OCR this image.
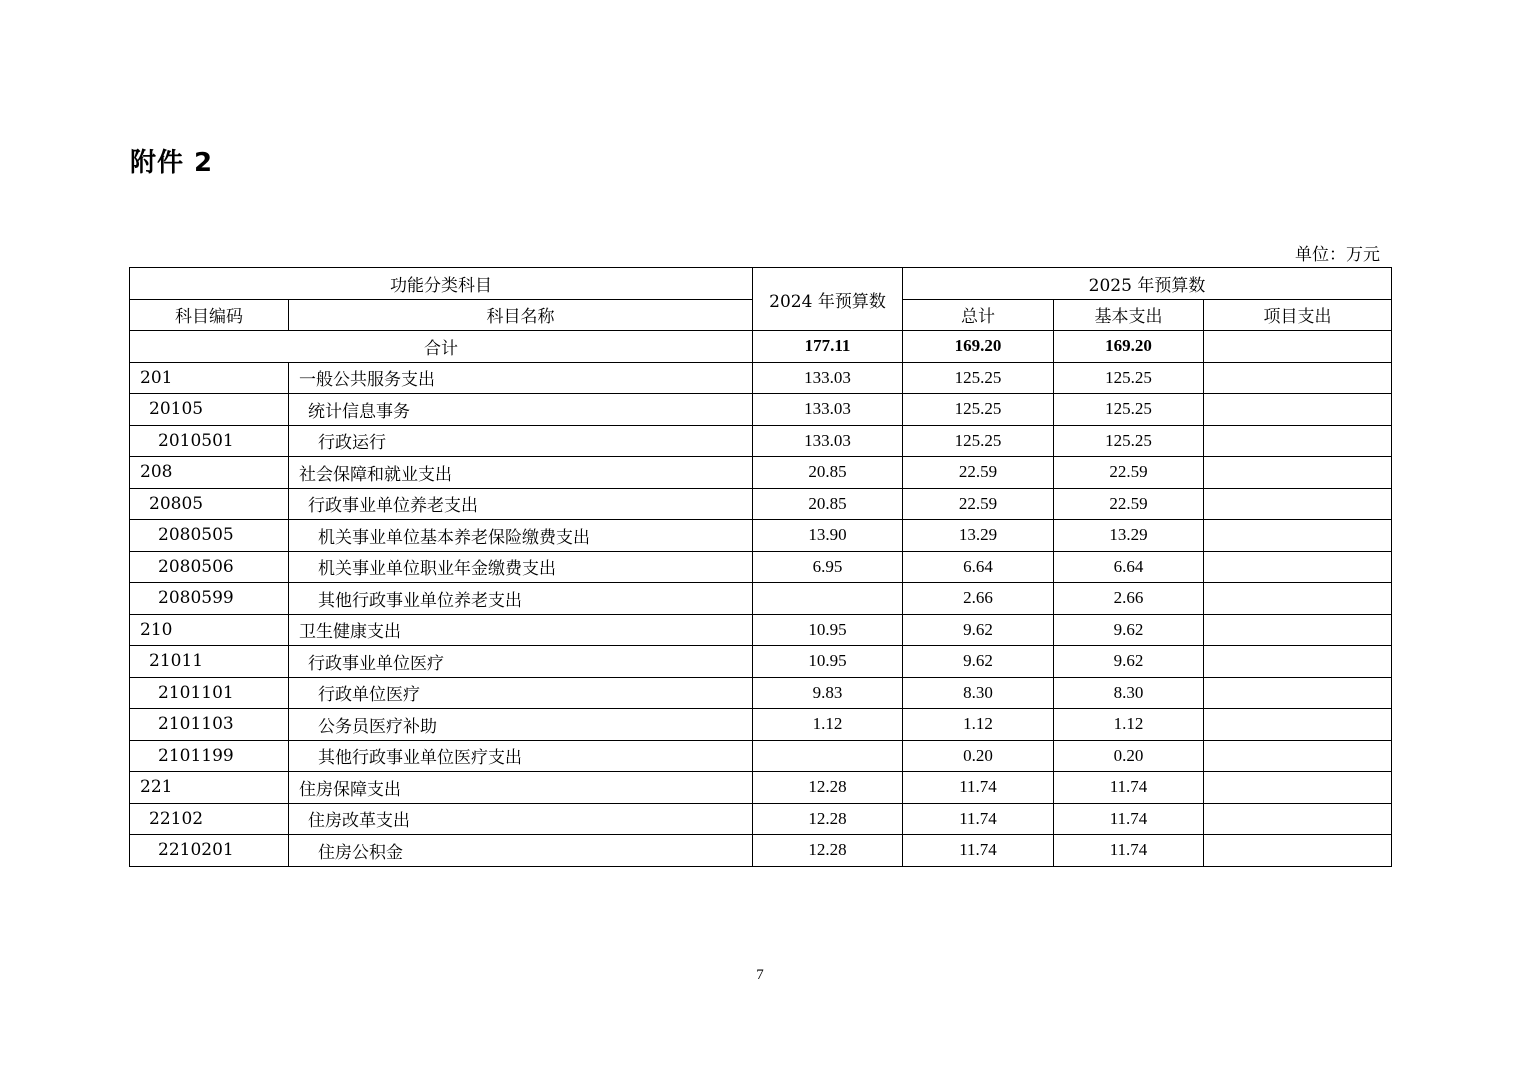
附件 2
单位：万元
功能分类科目		2024 年预算数	2025 年预算数		
科目编码	科目名称		总计	基本支出	项目支出
合计		177.11	169.20	169.20	
201	一般公共服务支出	133.03	125.25	125.25	
20105	统计信息事务	133.03	125.25	125.25	
2010501	行政运行	133.03	125.25	125.25	
208	社会保障和就业支出	20.85	22.59	22.59	
20805	行政事业单位养老支出	20.85	22.59	22.59	
2080505	机关事业单位基本养老保险缴费支出	13.90	13.29	13.29	
2080506	机关事业单位职业年金缴费支出	6.95	6.64	6.64	
2080599	其他行政事业单位养老支出		2.66	2.66	
210	卫生健康支出	10.95	9.62	9.62	
21011	行政事业单位医疗	10.95	9.62	9.62	
2101101	行政单位医疗	9.83	8.30	8.30	
2101103	公务员医疗补助	1.12	1.12	1.12	
2101199	其他行政事业单位医疗支出		0.20	0.20	
221	住房保障支出	12.28	11.74	11.74	
22102	住房改革支出	12.28	11.74	11.74	
2210201	住房公积金	12.28	11.74	11.74	
7
